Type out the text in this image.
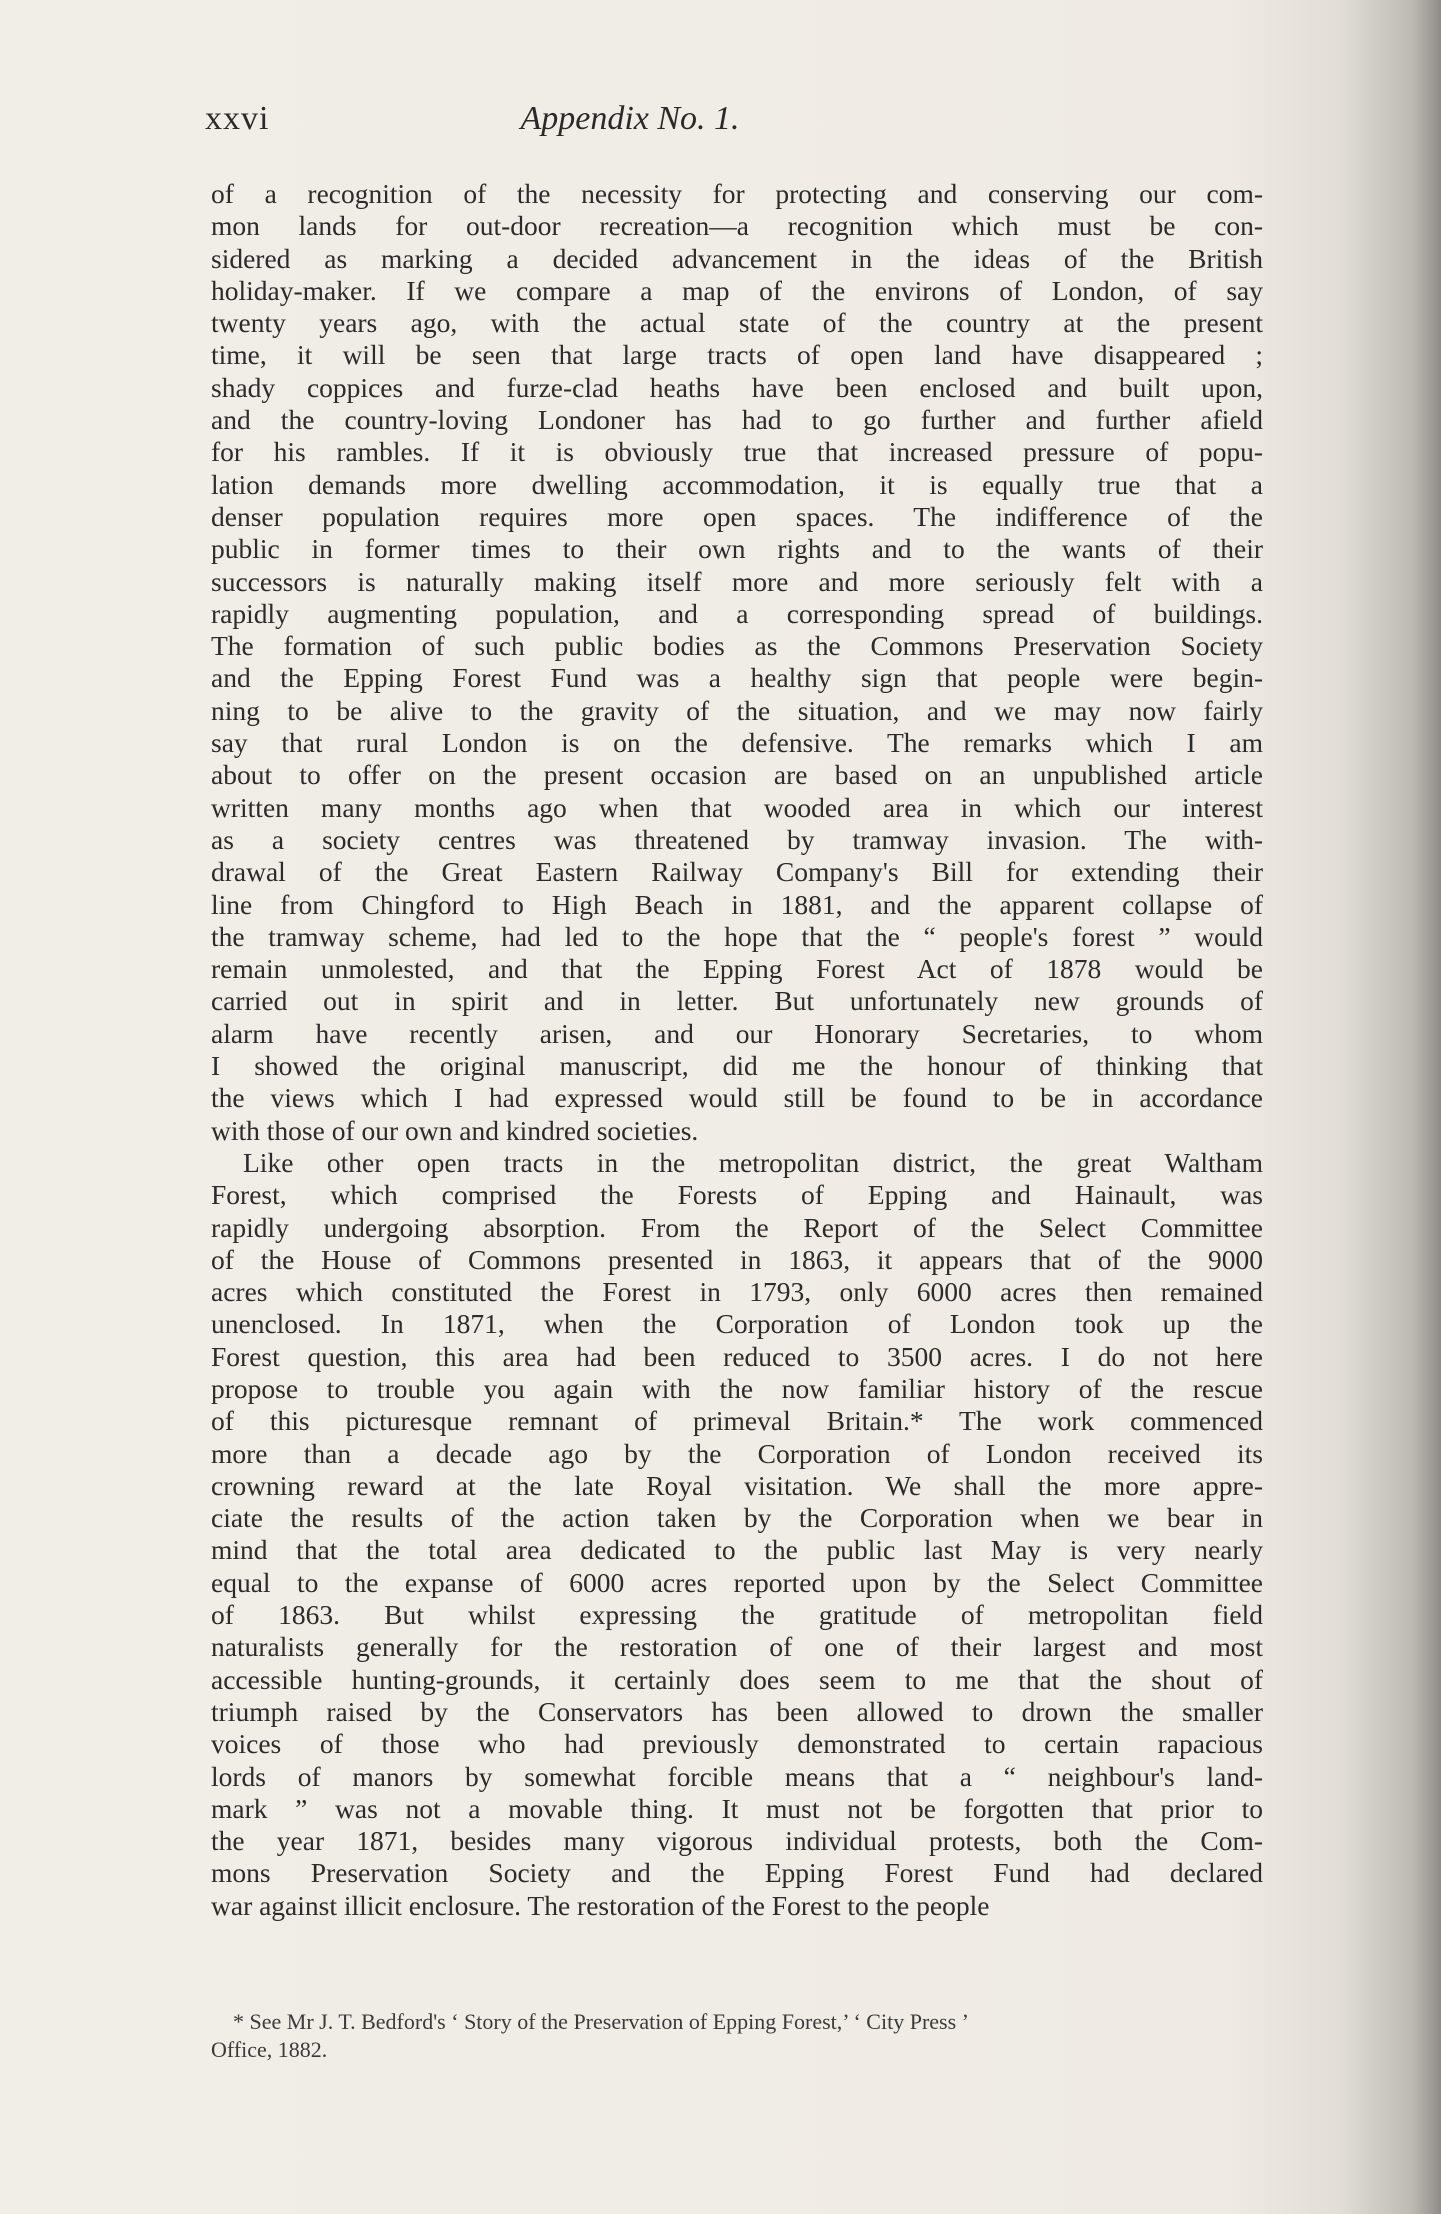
xxvi	Appendix No. 1.
of a recognition of the necessity for protecting and conserving our com-
mon lands for out-door recreation—a recognition which must be con-
sidered as marking a decided advancement in the ideas of the British
holiday-maker. If we compare a map of the environs of London, of say
twenty years ago, with the actual state of the country at the present
time, it will be seen that large tracts of open land have disappeared ;
shady coppices and furze-clad heaths have been enclosed and built upon,
and the country-loving Londoner has had to go further and further afield
for his rambles. If it is obviously true that increased pressure of popu-
lation demands more dwelling accommodation, it is equally true that a
denser population requires more open spaces. The indifference of the
public in former times to their own rights and to the wants of their
successors is naturally making itself more and more seriously felt with a
rapidly augmenting population, and a corresponding spread of buildings.
The formation of such public bodies as the Commons Preservation Society
and the Epping Forest Fund was a healthy sign that people were begin-
ning to be alive to the gravity of the situation, and we may now fairly
say that rural London is on the defensive. The remarks which I am
about to offer on the present occasion are based on an unpublished article
written many months ago when that wooded area in which our interest
as a society centres was threatened by tramway invasion. The with-
drawal of the Great Eastern Railway Company's Bill for extending their
line from Chingford to High Beach in 1881, and the apparent collapse of
the tramway scheme, had led to the hope that the “ people's forest ” would
remain unmolested, and that the Epping Forest Act of 1878 would be
carried out in spirit and in letter. But unfortunately new grounds of
alarm have recently arisen, and our Honorary Secretaries, to whom
I showed the original manuscript, did me the honour of thinking that
the views which I had expressed would still be found to be in accordance
with those of our own and kindred societies.
Like other open tracts in the metropolitan district, the great Waltham
Forest, which comprised the Forests of Epping and Hainault, was
rapidly undergoing absorption. From the Report of the Select Committee
of the House of Commons presented in 1863, it appears that of the 9000
acres which constituted the Forest in 1793, only 6000 acres then remained
unenclosed. In 1871, when the Corporation of London took up the
Forest question, this area had been reduced to 3500 acres. I do not here
propose to trouble you again with the now familiar history of the rescue
of this picturesque remnant of primeval Britain.* The work commenced
more than a decade ago by the Corporation of London received its
crowning reward at the late Royal visitation. We shall the more appre-
ciate the results of the action taken by the Corporation when we bear in
mind that the total area dedicated to the public last May is very nearly
equal to the expanse of 6000 acres reported upon by the Select Committee
of 1863. But whilst expressing the gratitude of metropolitan field
naturalists generally for the restoration of one of their largest and most
accessible hunting-grounds, it certainly does seem to me that the shout of
triumph raised by the Conservators has been allowed to drown the smaller
voices of those who had previously demonstrated to certain rapacious
lords of manors by somewhat forcible means that a “ neighbour's land-
mark ” was not a movable thing. It must not be forgotten that prior to
the year 1871, besides many vigorous individual protests, both the Com-
mons Preservation Society and the Epping Forest Fund had declared
war against illicit enclosure. The restoration of the Forest to the people
* See Mr J. T. Bedford's ‘ Story of the Preservation of Epping Forest,’ ‘ City Press ’
Office, 1882.
